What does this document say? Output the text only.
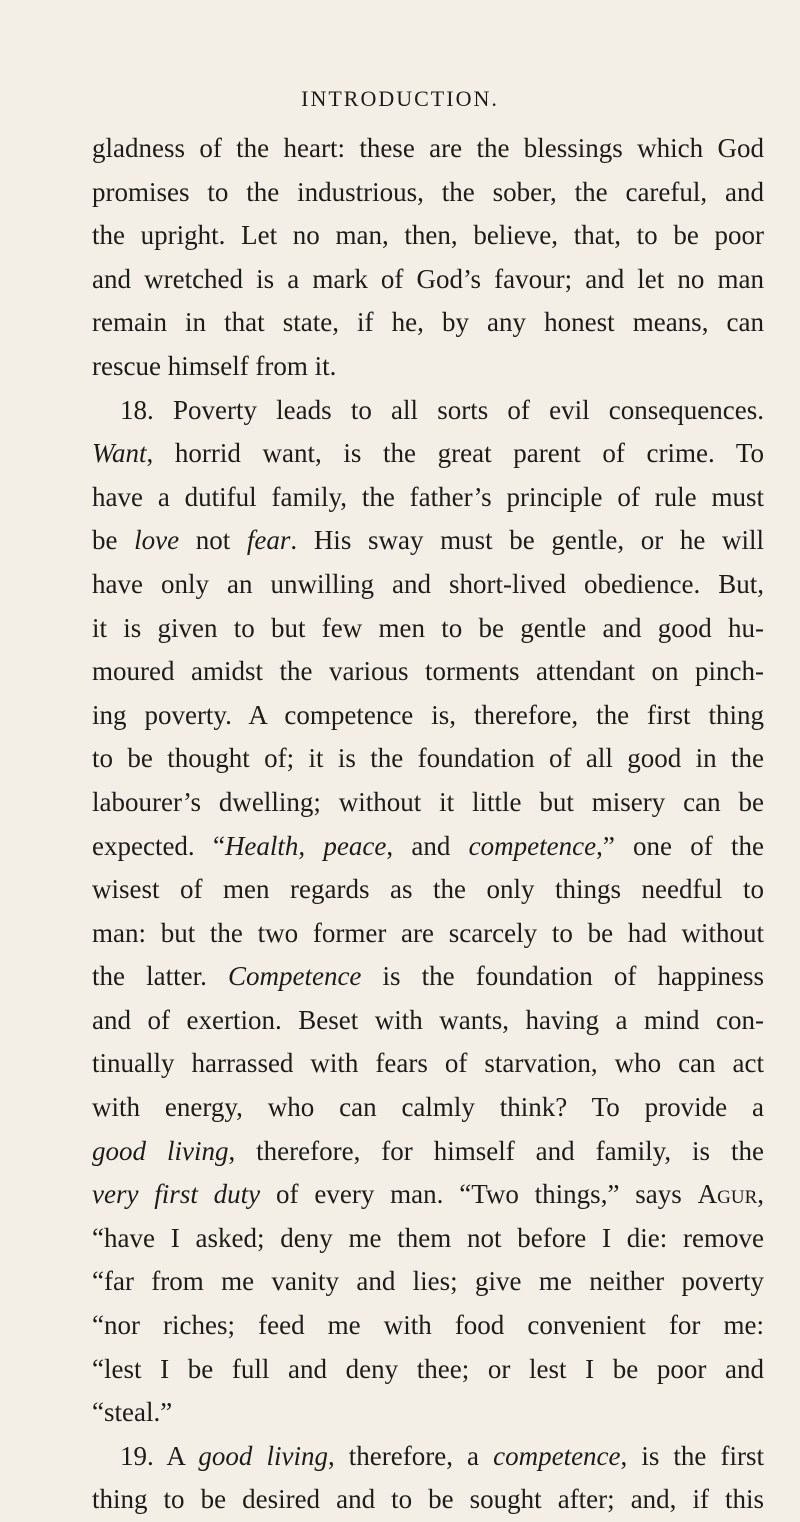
INTRODUCTION.
gladness of the heart: these are the blessings which God
promises to the industrious, the sober, the careful, and
the upright. Let no man, then, believe, that, to be poor
and wretched is a mark of God’s favour; and let no man
remain in that state, if he, by any honest means, can
rescue himself from it.
18. Poverty leads to all sorts of evil consequences.
Want, horrid want, is the great parent of crime. To
have a dutiful family, the father’s principle of rule must
be love not fear. His sway must be gentle, or he will
have only an unwilling and short-lived obedience. But,
it is given to but few men to be gentle and good hu-
moured amidst the various torments attendant on pinch-
ing poverty. A competence is, therefore, the first thing
to be thought of; it is the foundation of all good in the
labourer’s dwelling; without it little but misery can be
expected. “Health, peace, and competence,” one of the
wisest of men regards as the only things needful to
man: but the two former are scarcely to be had without
the latter. Competence is the foundation of happiness
and of exertion. Beset with wants, having a mind con-
tinually harrassed with fears of starvation, who can act
with energy, who can calmly think? To provide a
good living, therefore, for himself and family, is the
very first duty of every man. “Two things,” says Agur,
“have I asked; deny me them not before I die: remove
“far from me vanity and lies; give me neither poverty
“nor riches; feed me with food convenient for me:
“lest I be full and deny thee; or lest I be poor and
“steal.”
19. A good living, therefore, a competence, is the first
thing to be desired and to be sought after; and, if this
